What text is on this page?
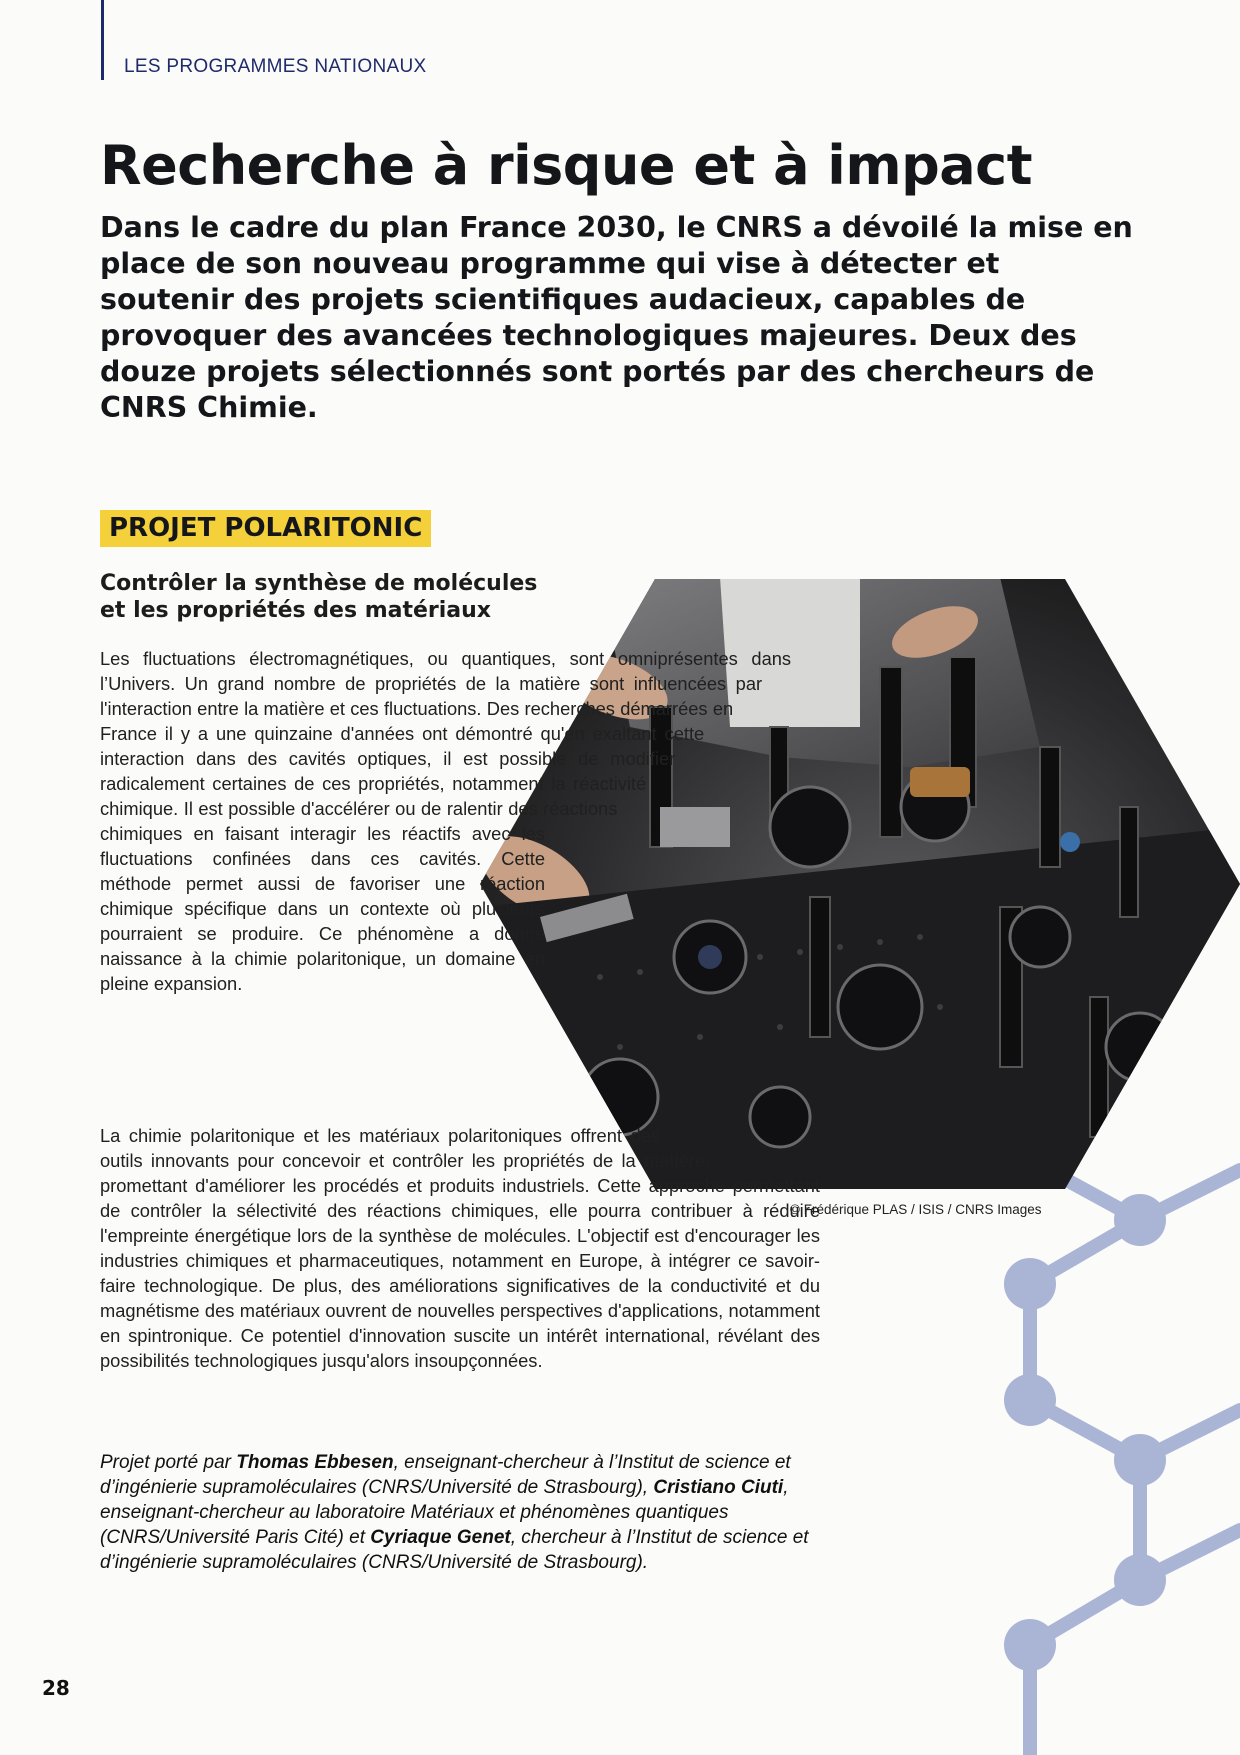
LES PROGRAMMES NATIONAUX
Recherche à risque et à impact

Dans le cadre du plan France 2030, le CNRS a dévoilé la mise en place de son nouveau programme qui vise à détecter et soutenir des projets scientifiques audacieux, capables de provoquer des avancées technologiques majeures. Deux des douze projets sélectionnés sont portés par des chercheurs de CNRS Chimie.

© Frédérique PLAS / ISIS / CNRS Images
PROJET POLARITONIC
Contrôler la synthèse de molécules et les propriétés des matériaux

Les fluctuations électromagnétiques, ou quantiques, sont omniprésentes dans l’Univers. Un grand nombre de propriétés de la matière sont influencées par l'interaction entre la matière et ces fluctuations. Des recherches démarrées en France il y a une quinzaine d'années ont démontré qu'en exaltant cette interaction dans des cavités optiques, il est possible de modifier radicalement certaines de ces propriétés, notamment la réactivité chimique. Il est possible d'accélérer ou de ralentir des réactions chimiques en faisant interagir les réactifs avec les fluctuations confinées dans ces cavités. Cette méthode permet aussi de favoriser une réaction chimique spécifique dans un contexte où plusieurs pourraient se produire. Ce phénomène a donné naissance à la chimie polaritonique, un domaine en pleine expansion.

La chimie polaritonique et les matériaux polaritoniques offrent des outils innovants pour concevoir et contrôler les propriétés de la matière, promettant d'améliorer les procédés et produits industriels. Cette approche permettant de contrôler la sélectivité des réactions chimiques, elle pourra contribuer à réduire l'empreinte énergétique lors de la synthèse de molécules. L'objectif est d'encourager les industries chimiques et pharmaceutiques, notamment en Europe, à intégrer ce savoir-faire technologique. De plus, des améliorations significatives de la conductivité et du magnétisme des matériaux ouvrent de nouvelles perspectives d'applications, notamment en spintronique. Ce potentiel d'innovation suscite un intérêt international, révélant des possibilités technologiques jusqu'alors insoupçonnées.

Projet porté par Thomas Ebbesen, enseignant-chercheur à l’Institut de science et d’ingénierie supramoléculaires (CNRS/Université de Strasbourg), Cristiano Ciuti, enseignant-chercheur au laboratoire Matériaux et phénomènes quantiques (CNRS/Université Paris Cité) et Cyriaque Genet, chercheur à l’Institut de science et d’ingénierie supramoléculaires (CNRS/Université de Strasbourg).

28
